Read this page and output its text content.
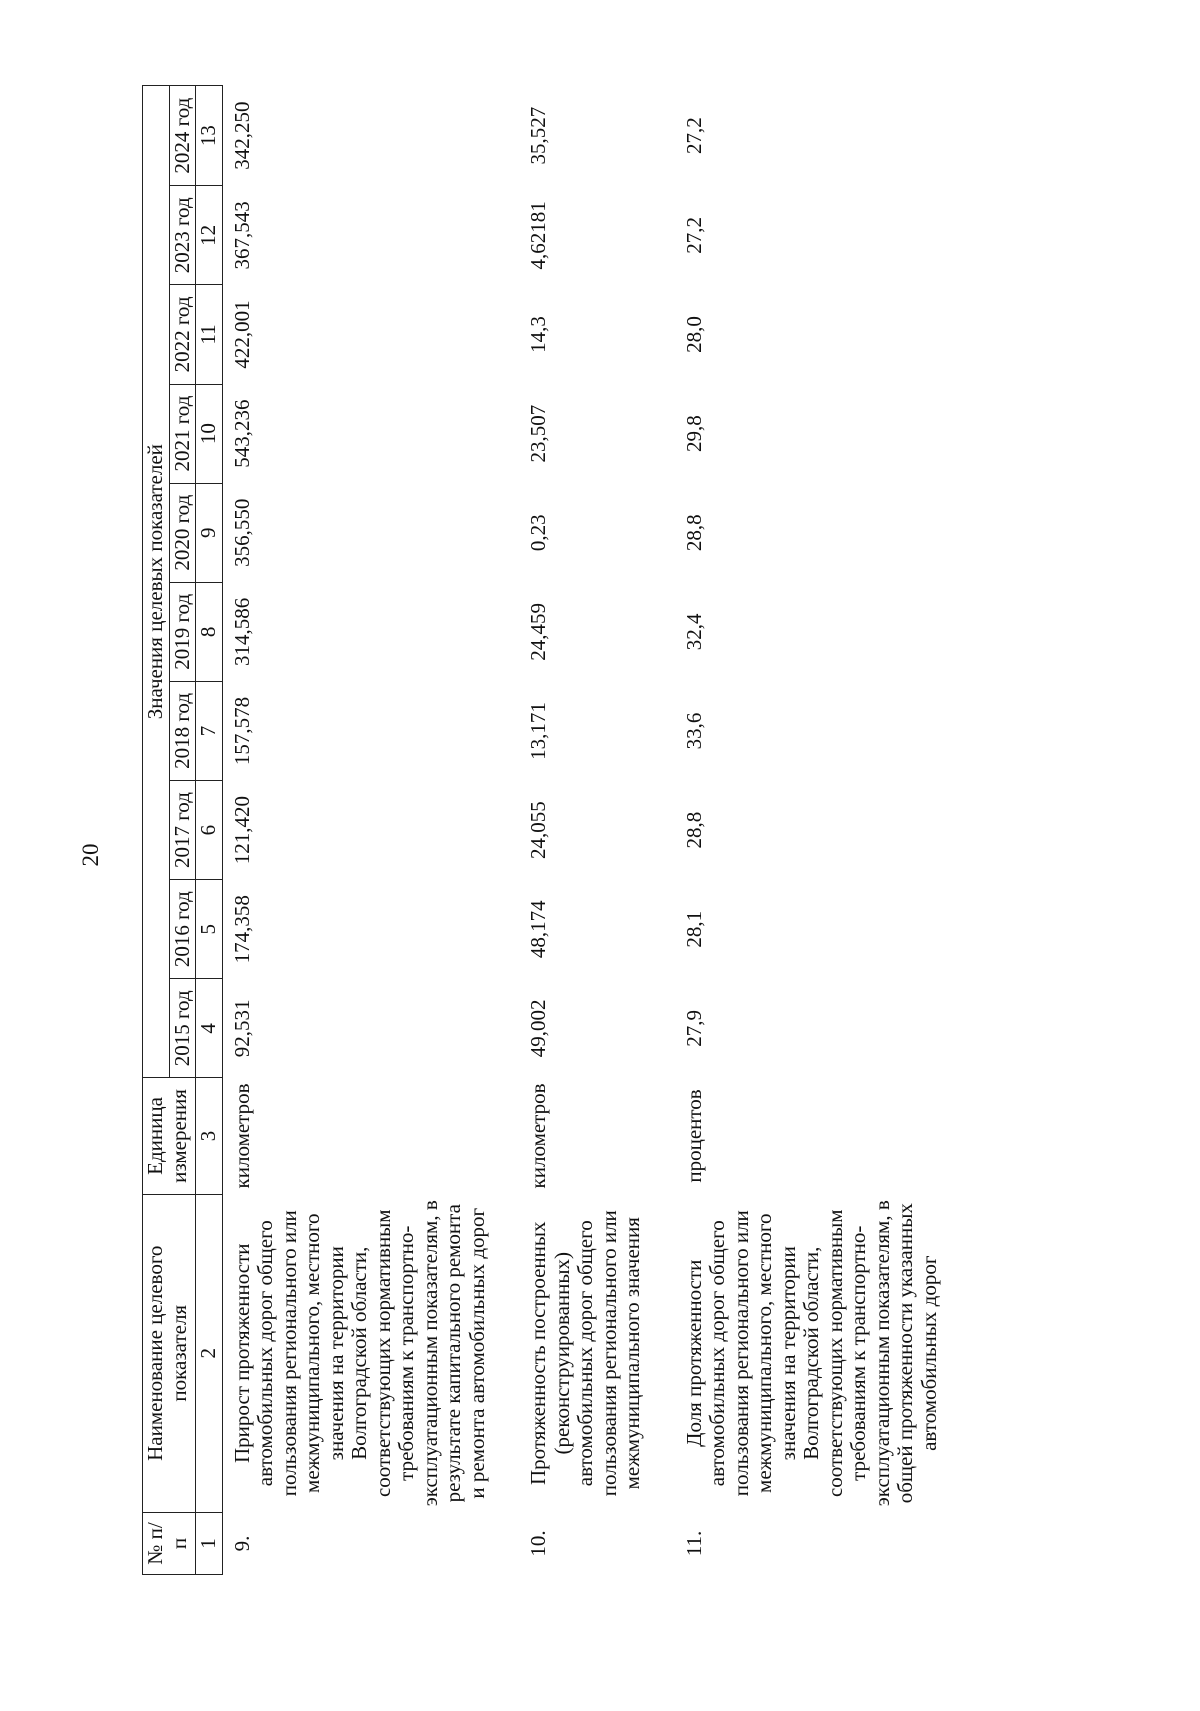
20
№ п/п	Наименование целевого показателя	Единица измерения	Значения целевых показателей									
			2015 год	2016 год	2017 год	2018 год	2019 год	2020 год	2021 год	2022 год	2023 год	2024 год
1	2	3	4	5	6	7	8	9	10	11	12	13
9.	Прирост протяженности автомобильных дорог общего пользования регионального или межмуниципального, местного значения на территории Волгоградской области, соответствующих нормативным требованиям к транспортно-эксплуатационным показателям, в результате капитального ремонта и ремонта автомобильных дорог	километров	92,531	174,358	121,420	157,578	314,586	356,550	543,236	422,001	367,543	342,250
10.	Протяженность построенных (реконструированных) автомобильных дорог общего пользования регионального или межмуниципального значения	километров	49,002	48,174	24,055	13,171	24,459	0,23	23,507	14,3	4,62181	35,527
11.	Доля протяженности автомобильных дорог общего пользования регионального или межмуниципального, местного значения на территории Волгоградской области, соответствующих нормативным требованиям к транспортно-эксплуатационным показателям, в общей протяженности указанных автомобильных дорог	процентов	27,9	28,1	28,8	33,6	32,4	28,8	29,8	28,0	27,2	27,2
